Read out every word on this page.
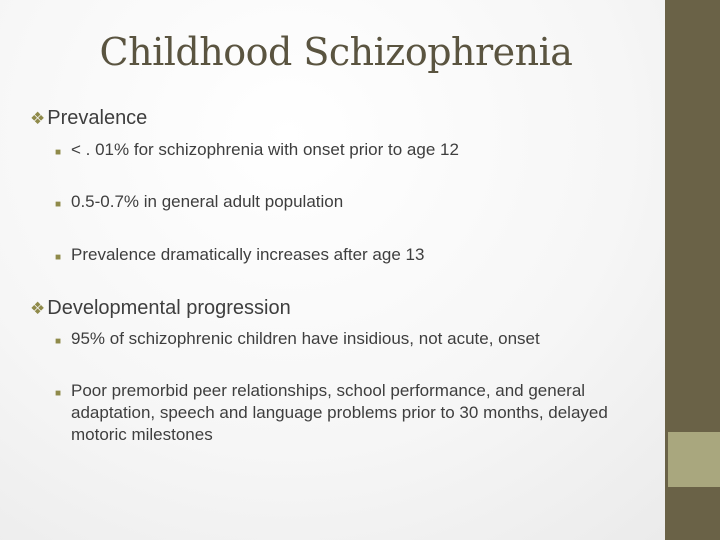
Childhood Schizophrenia
❖ Prevalence
■ < . 01% for schizophrenia with onset prior to age 12
■ 0.5-0.7% in general adult population
■ Prevalence dramatically increases after age 13
❖ Developmental progression
■ 95% of schizophrenic children have insidious, not acute, onset
■ Poor premorbid peer relationships, school performance, and general adaptation, speech and language problems prior to 30 months, delayed motoric milestones
